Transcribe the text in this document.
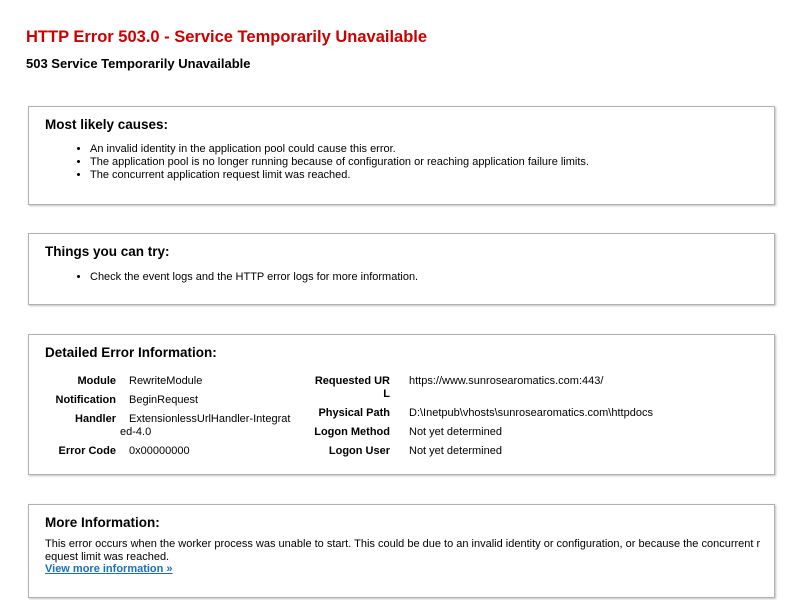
HTTP Error 503.0 - Service Temporarily Unavailable
503 Service Temporarily Unavailable
Most likely causes:
• An invalid identity in the application pool could cause this error.
• The application pool is no longer running because of configuration or reaching application failure limits.
• The concurrent application request limit was reached.
Things you can try:
• Check the event logs and the HTTP error logs for more information.
Detailed Error Information:
Module RewriteModule
Notification BeginRequest
Handler ExtensionlessUrlHandler-Integrat
ed-4.0
Error Code 0x00000000
Requested UR
L
https://www.sunrosearomatics.com:443/
Physical Path D:\Inetpub\vhosts\sunrosearomatics.com\httpdocs
Logon Method Not yet determined
Logon User Not yet determined
More Information:

This error occurs when the worker process was unable to start. This could be due to an invalid identity or configuration, or because the concurrent request limit was reached.

View more information »
